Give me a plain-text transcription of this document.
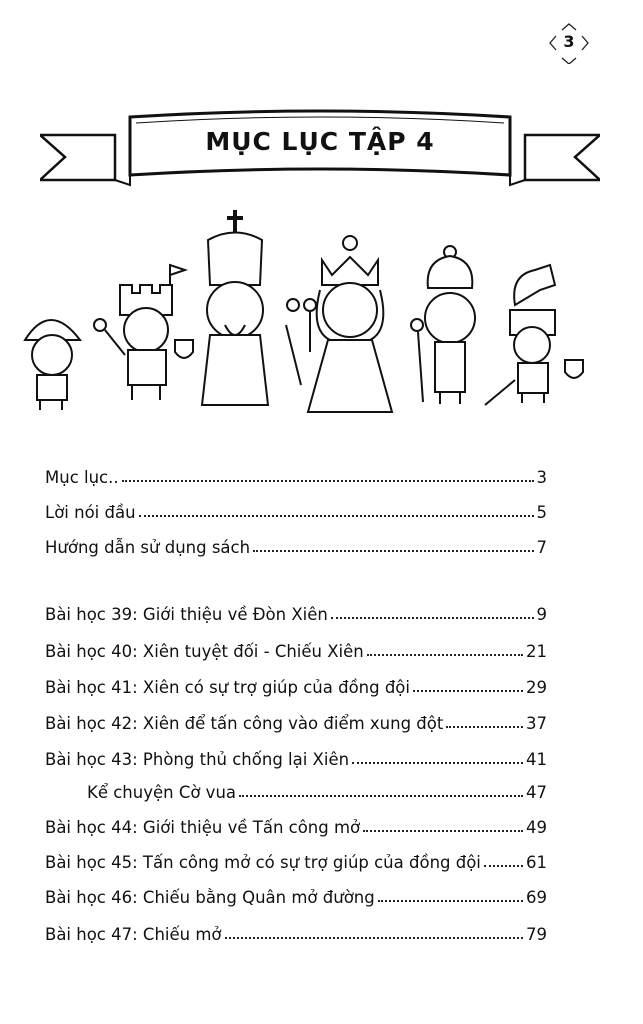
3
MỤC LỤC TẬP 4
Mục lục..	3
Lời nói đầu	5
Hướng dẫn sử dụng sách	7
Bài học 39: Giới thiệu về Đòn Xiên	9
Bài học 40: Xiên tuyệt đối - Chiếu Xiên	21
Bài học 41: Xiên có sự trợ giúp của đồng đội	29
Bài học 42: Xiên để tấn công vào điểm xung đột	37
Bài học 43: Phòng thủ chống lại Xiên	41
Kể chuyện Cờ vua	47
Bài học 44: Giới thiệu về Tấn công mở	49
Bài học 45: Tấn công mở có sự trợ giúp của đồng đội	61
Bài học 46: Chiếu bằng Quân mở đường	69
Bài học 47: Chiếu mở	79
